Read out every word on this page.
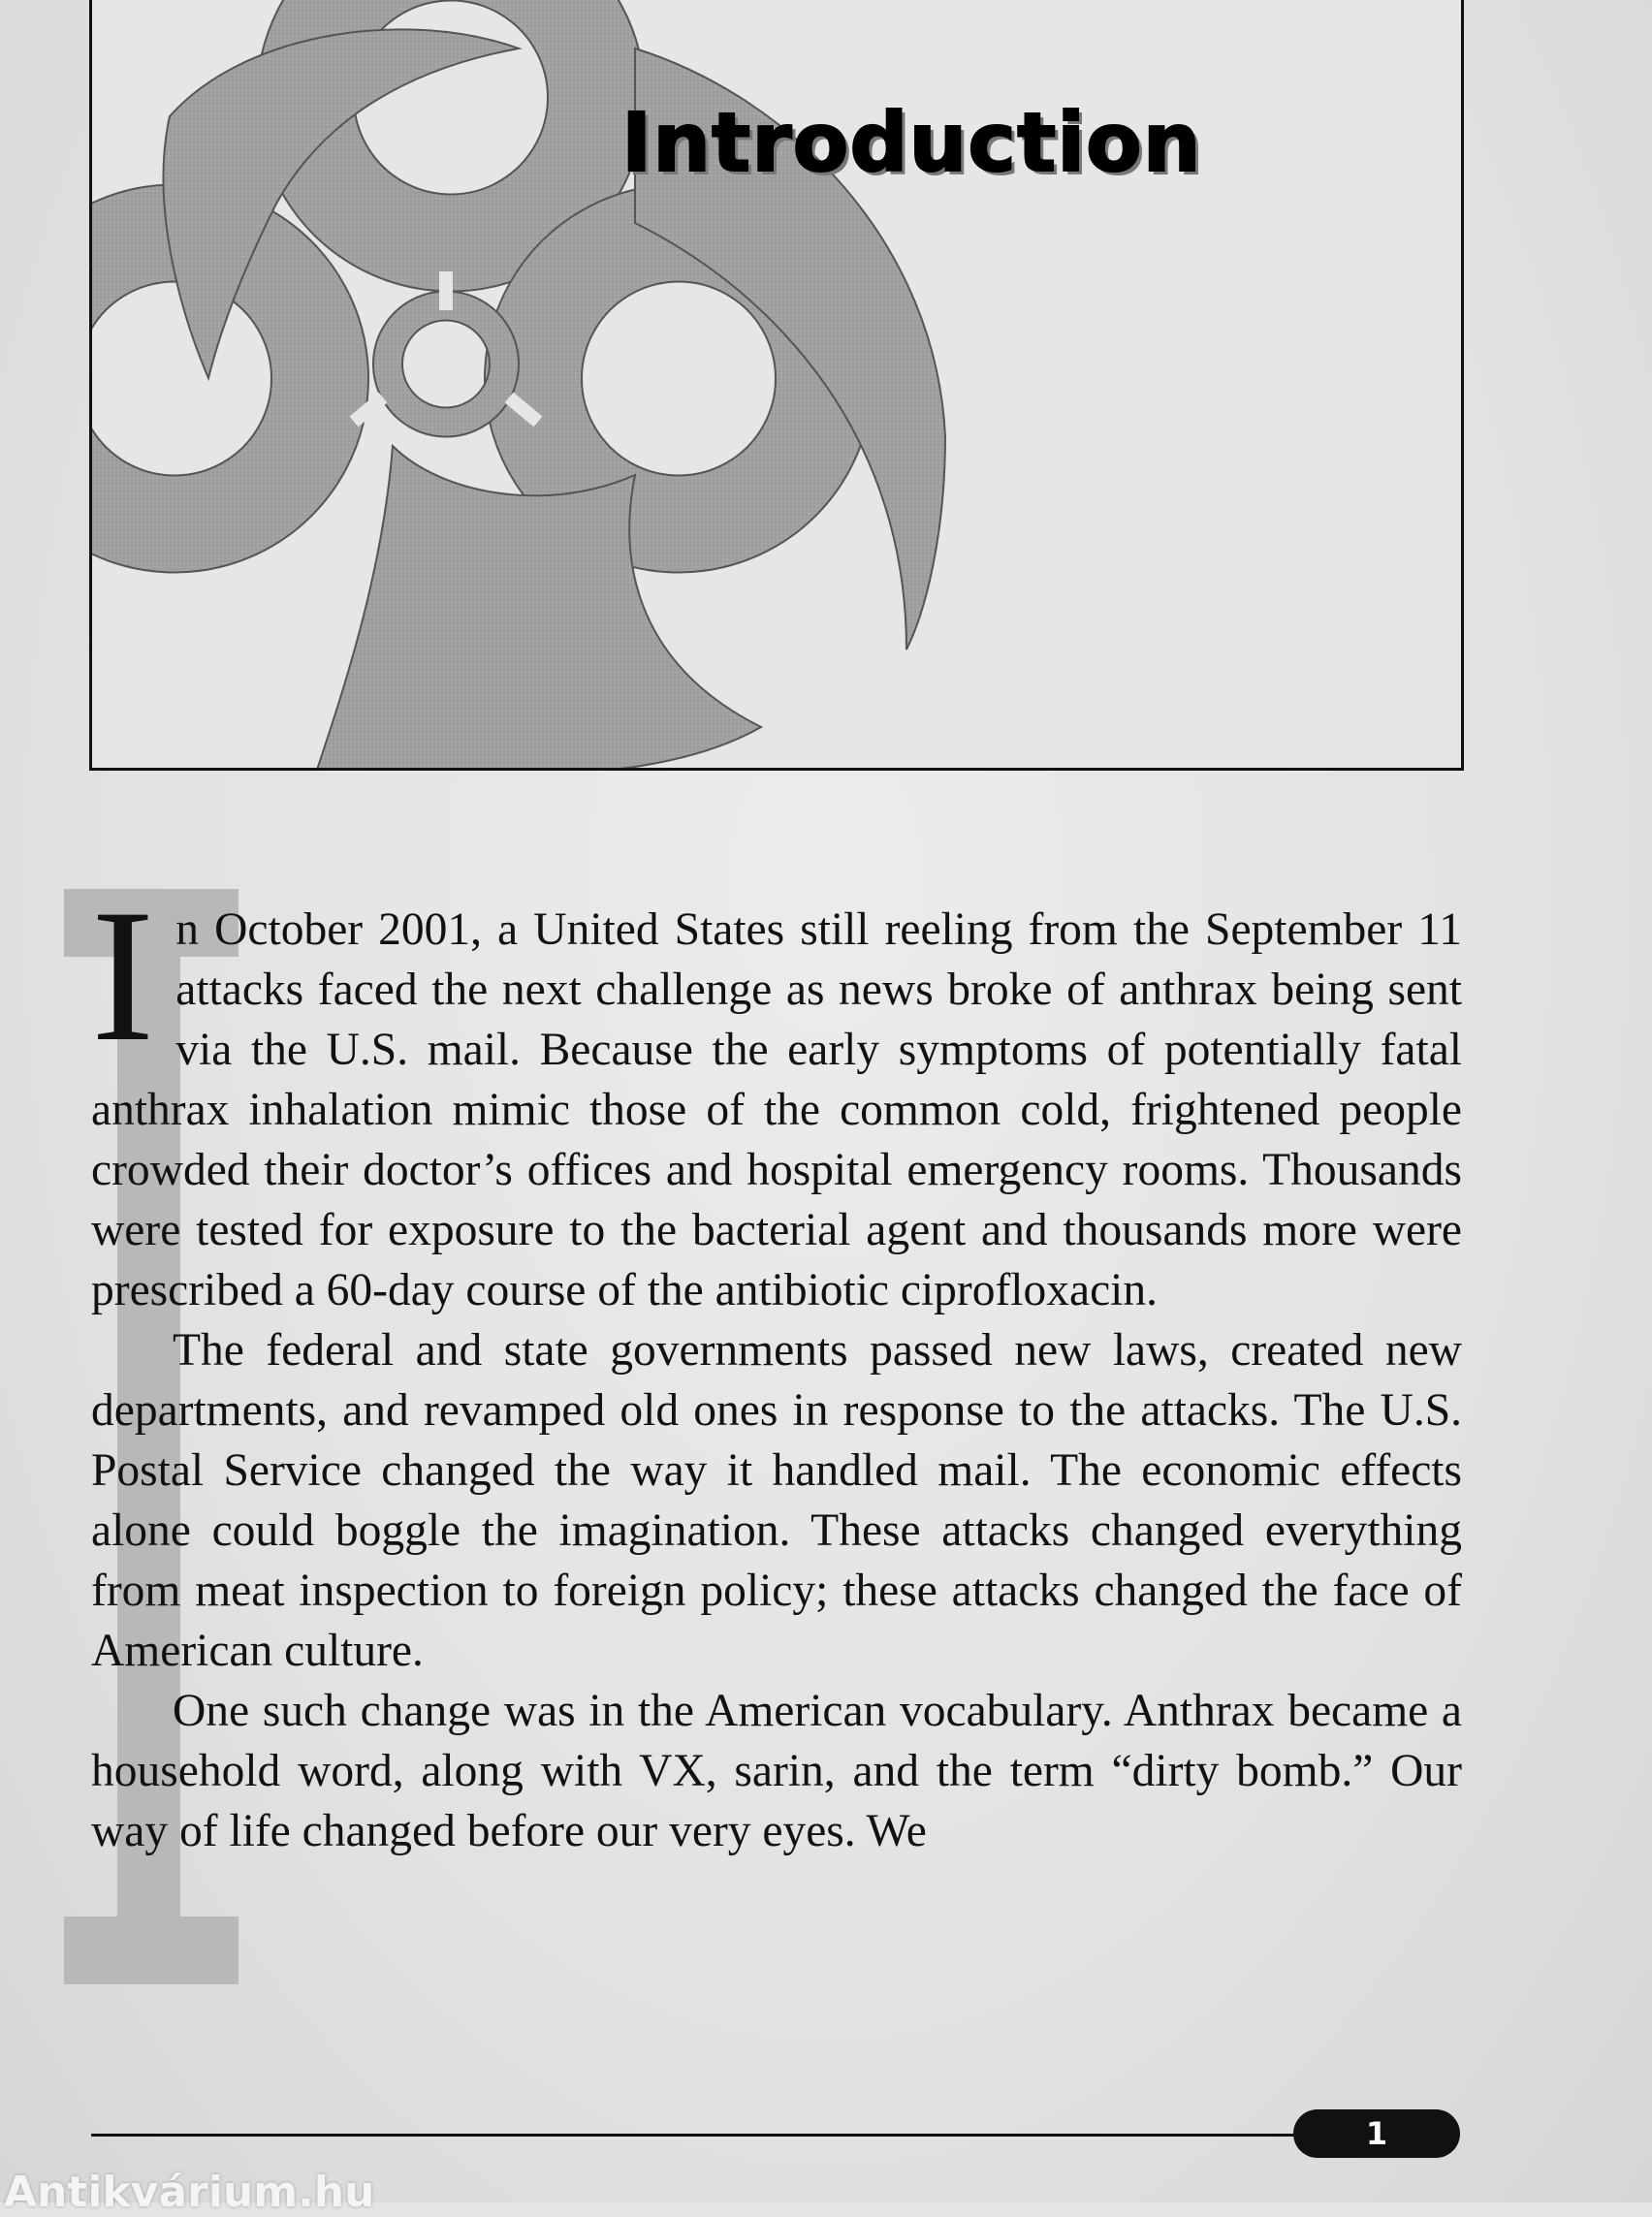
Introduction

In October 2001, a United States still reeling from the September 11 attacks faced the next challenge as news broke of anthrax being sent via the U.S. mail. Because the early symptoms of potentially fatal anthrax inhalation mimic those of the common cold, frightened people crowded their doctor’s offices and hospital emergency rooms. Thousands were tested for exposure to the bacterial agent and thousands more were prescribed a 60-day course of the antibiotic ciprofloxacin.

The federal and state governments passed new laws, created new departments, and revamped old ones in response to the attacks. The U.S. Postal Service changed the way it handled mail. The economic effects alone could boggle the imagination. These attacks changed everything from meat inspection to foreign policy; these attacks changed the face of American culture.

One such change was in the American vocabulary. Anthrax became a household word, along with VX, sarin, and the term “dirty bomb.” Our way of life changed before our very eyes. We

1
Antikvárium.hu
